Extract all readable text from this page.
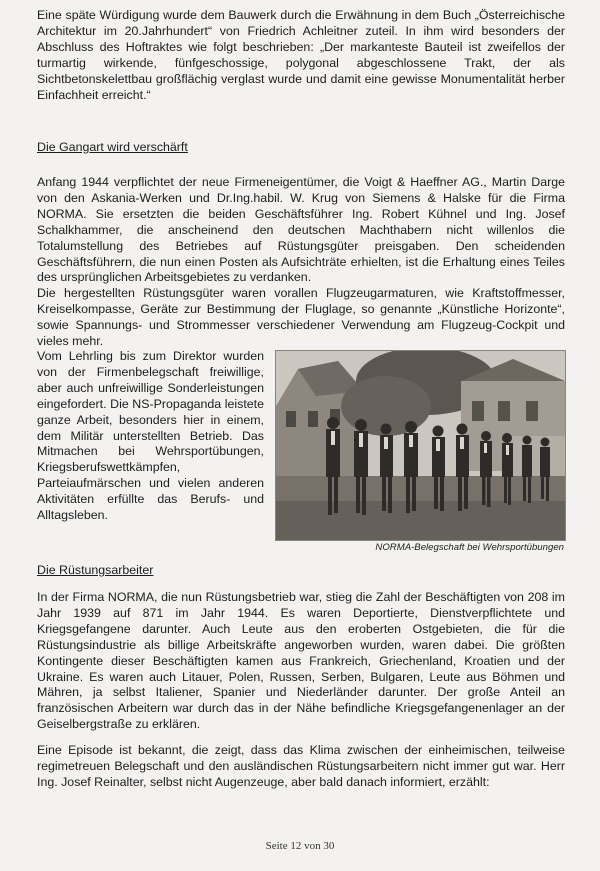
Eine späte Würdigung wurde dem Bauwerk durch die Erwähnung in dem Buch „Österreichische Architektur im 20.Jahrhundert“ von Friedrich Achleitner zuteil. In ihm wird besonders der Abschluss des Hoftraktes wie folgt beschrieben: „Der markanteste Bauteil ist zweifellos der turmartig wirkende, fünfgeschossige, polygonal abgeschlossene Trakt, der als Sichtbetonskelettbau großflächig verglast wurde und damit eine gewisse Monumentalität herber Einfachheit erreicht.“

Die Gangart wird verschärft

Anfang 1944 verpflichtet der neue Firmeneigentümer, die Voigt & Haeffner AG., Martin Darge von den Askania-Werken und Dr.Ing.habil. W. Krug von Siemens & Halske für die Firma NORMA. Sie ersetzten die beiden Geschäftsführer Ing. Robert Kühnel und Ing. Josef Schalkhammer, die anscheinend den deutschen Machthabern nicht willenlos die Totalumstellung des Betriebes auf Rüstungsgüter preisgaben. Den scheidenden Geschäftsführern, die nun einen Posten als Aufsichträte erhielten, ist die Erhaltung eines Teiles des ursprünglichen Arbeitsgebietes zu verdanken.

Die hergestellten Rüstungsgüter waren vorallen Flugzeugarmaturen, wie Kraftstoffmesser, Kreiselkompasse, Geräte zur Bestimmung der Fluglage, so genannte „Künstliche Horizonte“, sowie Spannungs- und Strommesser verschiedener Verwendung am Flugzeug-Cockpit und vieles mehr.

Vom Lehrling bis zum Direktor wurden von der Firmenbelegschaft freiwillige, aber auch unfreiwillige Sonderleistungen eingefordert. Die NS-Propaganda leistete ganze Arbeit, besonders hier in einem, dem Militär unterstellten Betrieb. Das Mitmachen bei Wehrsportübungen, Kriegsberufswettkämpfen, Parteiaufmärschen und vielen anderen Aktivitäten erfüllte das Berufs- und Alltagsleben.
NORMA-Belegschaft bei Wehrsportübungen
Die Rüstungsarbeiter

In der Firma NORMA, die nun Rüstungsbetrieb war, stieg die Zahl der Beschäftigten von 208 im Jahr 1939 auf 871 im Jahr 1944. Es waren Deportierte, Dienstverpflichtete und Kriegsgefangene darunter. Auch Leute aus den eroberten Ostgebieten, die für die Rüstungsindustrie als billige Arbeitskräfte angeworben wurden, waren dabei. Die größten Kontingente dieser Beschäftigten kamen aus Frankreich, Griechenland, Kroatien und der Ukraine. Es waren auch Litauer, Polen, Russen, Serben, Bulgaren, Leute aus Böhmen und Mähren, ja selbst Italiener, Spanier und Niederländer darunter. Der große Anteil an französischen Arbeitern war durch das in der Nähe befindliche Kriegsgefangenenlager an der Geiselbergstraße zu erklären.

Eine Episode ist bekannt, die zeigt, dass das Klima zwischen der einheimischen, teilweise regimetreuen Belegschaft und den ausländischen Rüstungsarbeitern nicht immer gut war. Herr Ing. Josef Reinalter, selbst nicht Augenzeuge, aber bald danach informiert, erzählt:

Seite 12 von 30
